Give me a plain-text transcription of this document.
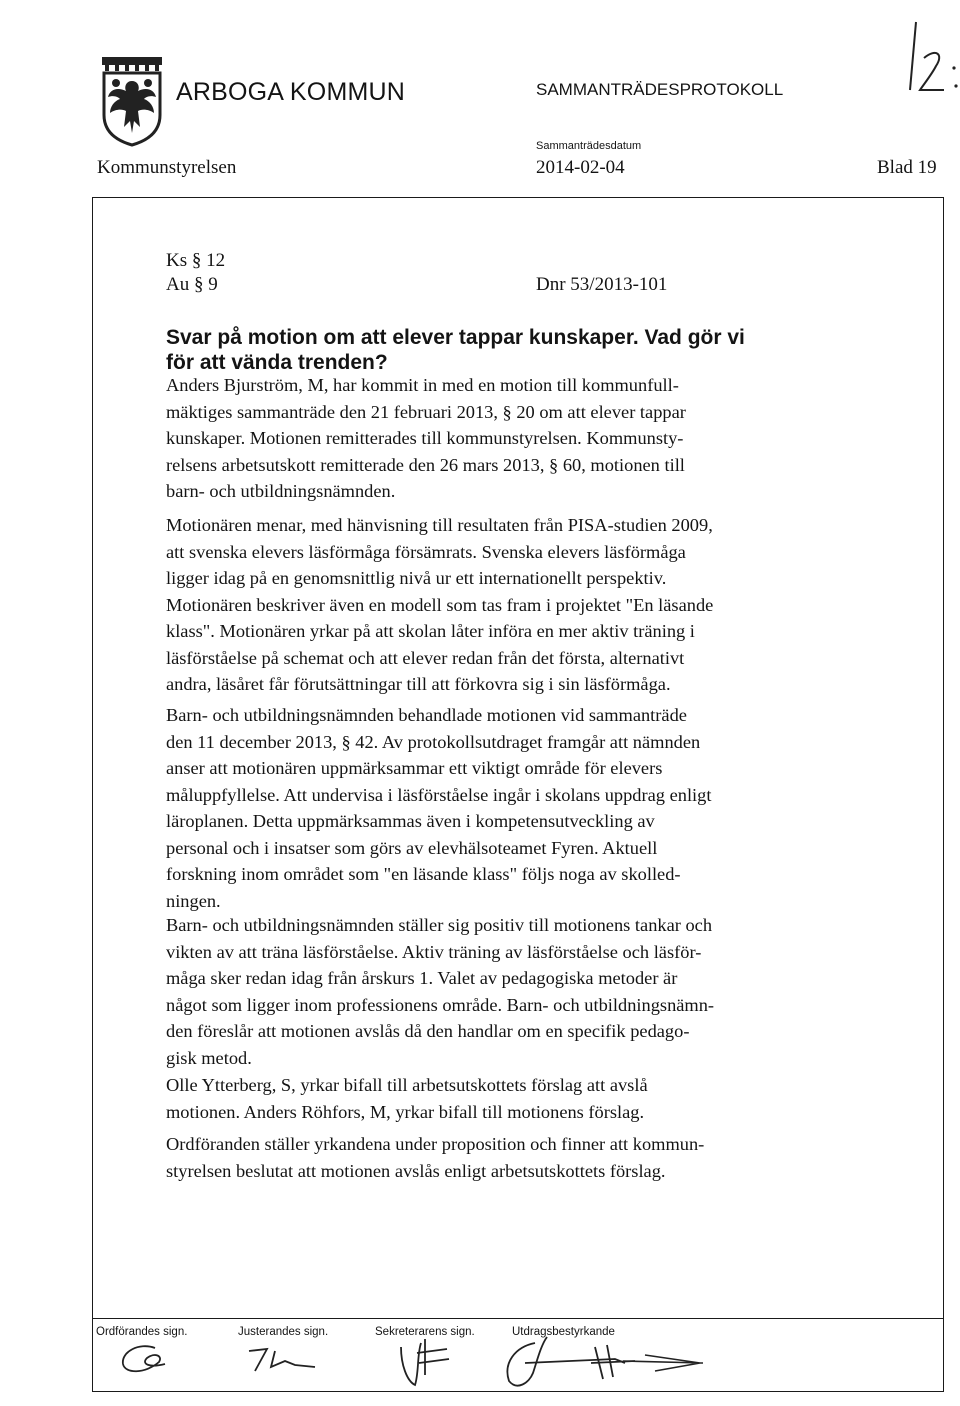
ARBOGA KOMMUN	SAMMANTRÄDESPROTOKOLL
Sammanträdesdatum
Kommunstyrelsen	2014-02-04	Blad 19
Ks § 12
Au § 9	Dnr 53/2013-101
Svar på motion om att elever tappar kunskaper. Vad gör vi
för att vända trenden?
Anders Bjurström, M, har kommit in med en motion till kommunfull-
mäktiges sammanträde den 21 februari 2013, § 20 om att elever tappar
kunskaper. Motionen remitterades till kommunstyrelsen. Kommunsty-
relsens arbetsutskott remitterade den 26 mars 2013, § 60, motionen till
barn- och utbildningsnämnden.
Motionären menar, med hänvisning till resultaten från PISA-studien 2009,
att svenska elevers läsförmåga försämrats. Svenska elevers läsförmåga
ligger idag på en genomsnittlig nivå ur ett internationellt perspektiv.
Motionären beskriver även en modell som tas fram i projektet "En läsande
klass". Motionären yrkar på att skolan låter införa en mer aktiv träning i
läsförståelse på schemat och att elever redan från det första, alternativt
andra, läsåret får förutsättningar till att förkovra sig i sin läsförmåga.
Barn- och utbildningsnämnden behandlade motionen vid sammanträde
den 11 december 2013, § 42. Av protokollsutdraget framgår att nämnden
anser att motionären uppmärksammar ett viktigt område för elevers
måluppfyllelse. Att undervisa i läsförståelse ingår i skolans uppdrag enligt
läroplanen. Detta uppmärksammas även i kompetensutveckling av
personal och i insatser som görs av elevhälsoteamet Fyren. Aktuell
forskning inom området som "en läsande klass" följs noga av skolled-
ningen.
Barn- och utbildningsnämnden ställer sig positiv till motionens tankar och
vikten av att träna läsförståelse. Aktiv träning av läsförståelse och läsför-
måga sker redan idag från årskurs 1. Valet av pedagogiska metoder är
något som ligger inom professionens område. Barn- och utbildningsnämn-
den föreslår att motionen avslås då den handlar om en specifik pedago-
gisk metod.
Olle Ytterberg, S, yrkar bifall till arbetsutskottets förslag att avslå
motionen. Anders Röhfors, M, yrkar bifall till motionens förslag.
Ordföranden ställer yrkandena under proposition och finner att kommun-
styrelsen beslutat att motionen avslås enligt arbetsutskottets förslag.
Ordförandes sign.	Justerandes sign.	Sekreterarens sign.	Utdragsbestyrkande
